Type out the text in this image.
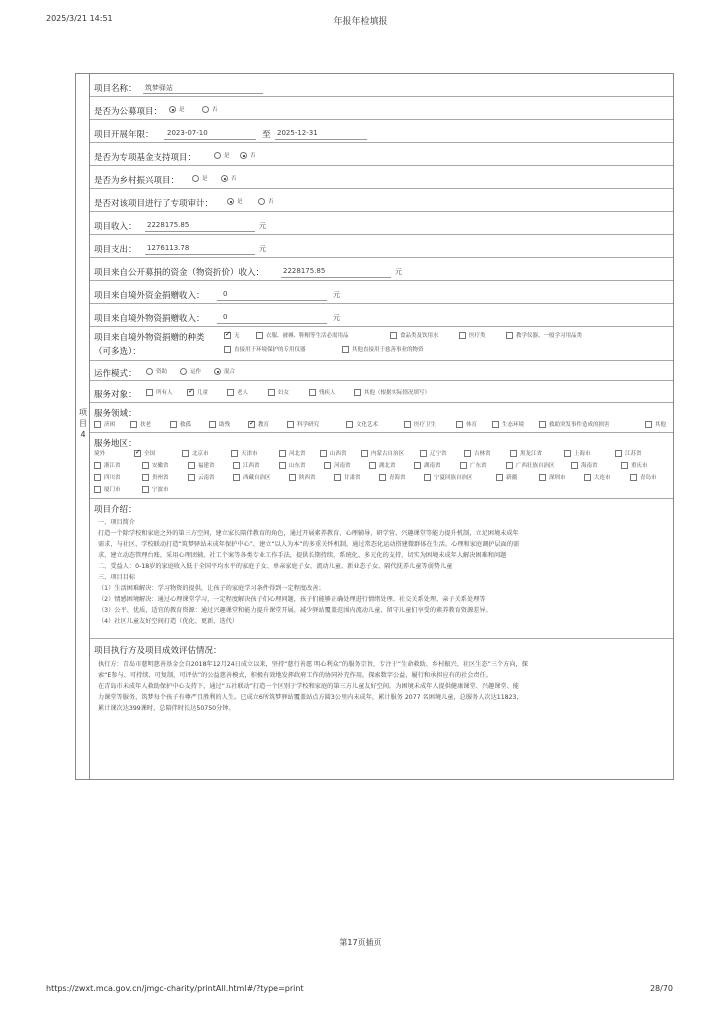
2025/3/21 14:51	年报年检填报
项
目
4
项目名称： 筑梦驿站
是否为公募项目：	是	否
项目开展年限： 2023-07-10	至 2025-12-31
是否为专项基金支持项目：	是	否
是否为乡村振兴项目：	是	否
是否对该项目进行了专项审计：	是	否
项目收入： 2228175.85	元
项目支出： 1276113.78	元
项目来自公开募捐的资金（物资折价）收入：	2228175.85	元
项目来自境外资金捐赠收入：	0	元
项目来自境外物资捐赠收入：	0	元
项目来自境外物资捐赠的种类
（可多选）：
✓无	衣服、被褥、鞋帽等生活必需用品	食品类及饮用水	医疗类	教学仪器、一般学习用品类
直接用于环境保护的专用仪器	其他直接用于慈善事业的物资
运作模式：	资助	运作	混合
服务对象：	所有人 ✓	儿童	老人	妇女	残疾人	其他（根据实际情况填写）
服务领域：
济困	扶老	救孤	助残 ✓	教育	科学研究	文化艺术	医疗卫生	体育	生态环境	救助突发事件造成的损害	其他
服务地区：
境外 ✓	全国	北京市	天津市	河北省	山西省	内蒙古自治区	辽宁省	吉林省	黑龙江省	上海市	江苏省
浙江省	安徽省	福建省	江西省	山东省	河南省	湖北省	湖南省	广东省	广西壮族自治区	海南省	重庆市
四川省	贵州省	云南省	西藏自治区	陕西省	甘肃省	青海省	宁夏回族自治区	新疆	深圳市	大连市	青岛市
厦门市	宁波市
项目介绍：
一、项目简介
打造一个除学校和家庭之外的第三方空间，建立家长陪伴教育的角色，通过开展素养教育、心理辅导、研学营、兴趣课堂等能力提升机制，立足困境未成年
需求，与社区、学校联动打造“筑梦驿站未成年保护中心”，建立“以人为本”的多重关怀机制，通过常态化运动搭建微群体在生活、心理和家庭调护层面的需
求，建立动态管理台账，采用心理团辅、社工个案等各类专业工作手法，提供长期持续、系统化、多元化的支持，切实为困境未成年人解决困难和问题
二、受益人：0-18岁的家庭收入低于全国平均水平的家庭子女、单亲家庭子女、流动儿童、新业态子女、隔代抚养儿童等弱势儿童
三、项目目标
（1）生活困难解决：学习物资的提供，让孩子的家庭学习条件得到一定程度改善；
（2）情感困境解决：通过心理课堂学习，一定程度解决孩子们心理问题，孩子们能够正确处理进行情绪处理、社交关系处理、亲子关系处理等
（3）公平、优质、适宜的教育资源：通过兴趣课堂和能力提升课堂开展，减少驿站覆盖范围内流动儿童、留守儿童们享受的素养教育资源差异。
（4）社区儿童友好空间打造（优化、更新、迭代）
项目执行方及项目成效评估情况：
执行方：青岛市慈明慈善基金会自2018年12月24日成立以来，坚持“慈行善愿 明心利众”的服务宗旨，专注于“生命救助、乡村振兴、社区生态”三个方向，探
索“E参与、可持续、可复制、可评估”的公益慈善模式，积极有效地发挥政府工作的协同补充作用，探索数字公益，履行和承担应有的社会责任。
在青岛市未成年人救助保护中心支持下，通过“五社联动”打造一个区别于学校和家庭的第三方儿童友好空间。为困境未成年人提供健康课堂、兴趣课堂、能
力课堂等服务，筑梦每个孩子有尊严且胜利的人生。已成立6所筑梦驿站覆盖站点方圆3公里内未成年，累计服务 2077 名困境儿童，总服务人次达11823，
累计课次达399课时，总陪伴时长达50750分钟。
第17页插页
https://zwxt.mca.gov.cn/jmgc-charity/printAll.html#/?type=print	28/70
